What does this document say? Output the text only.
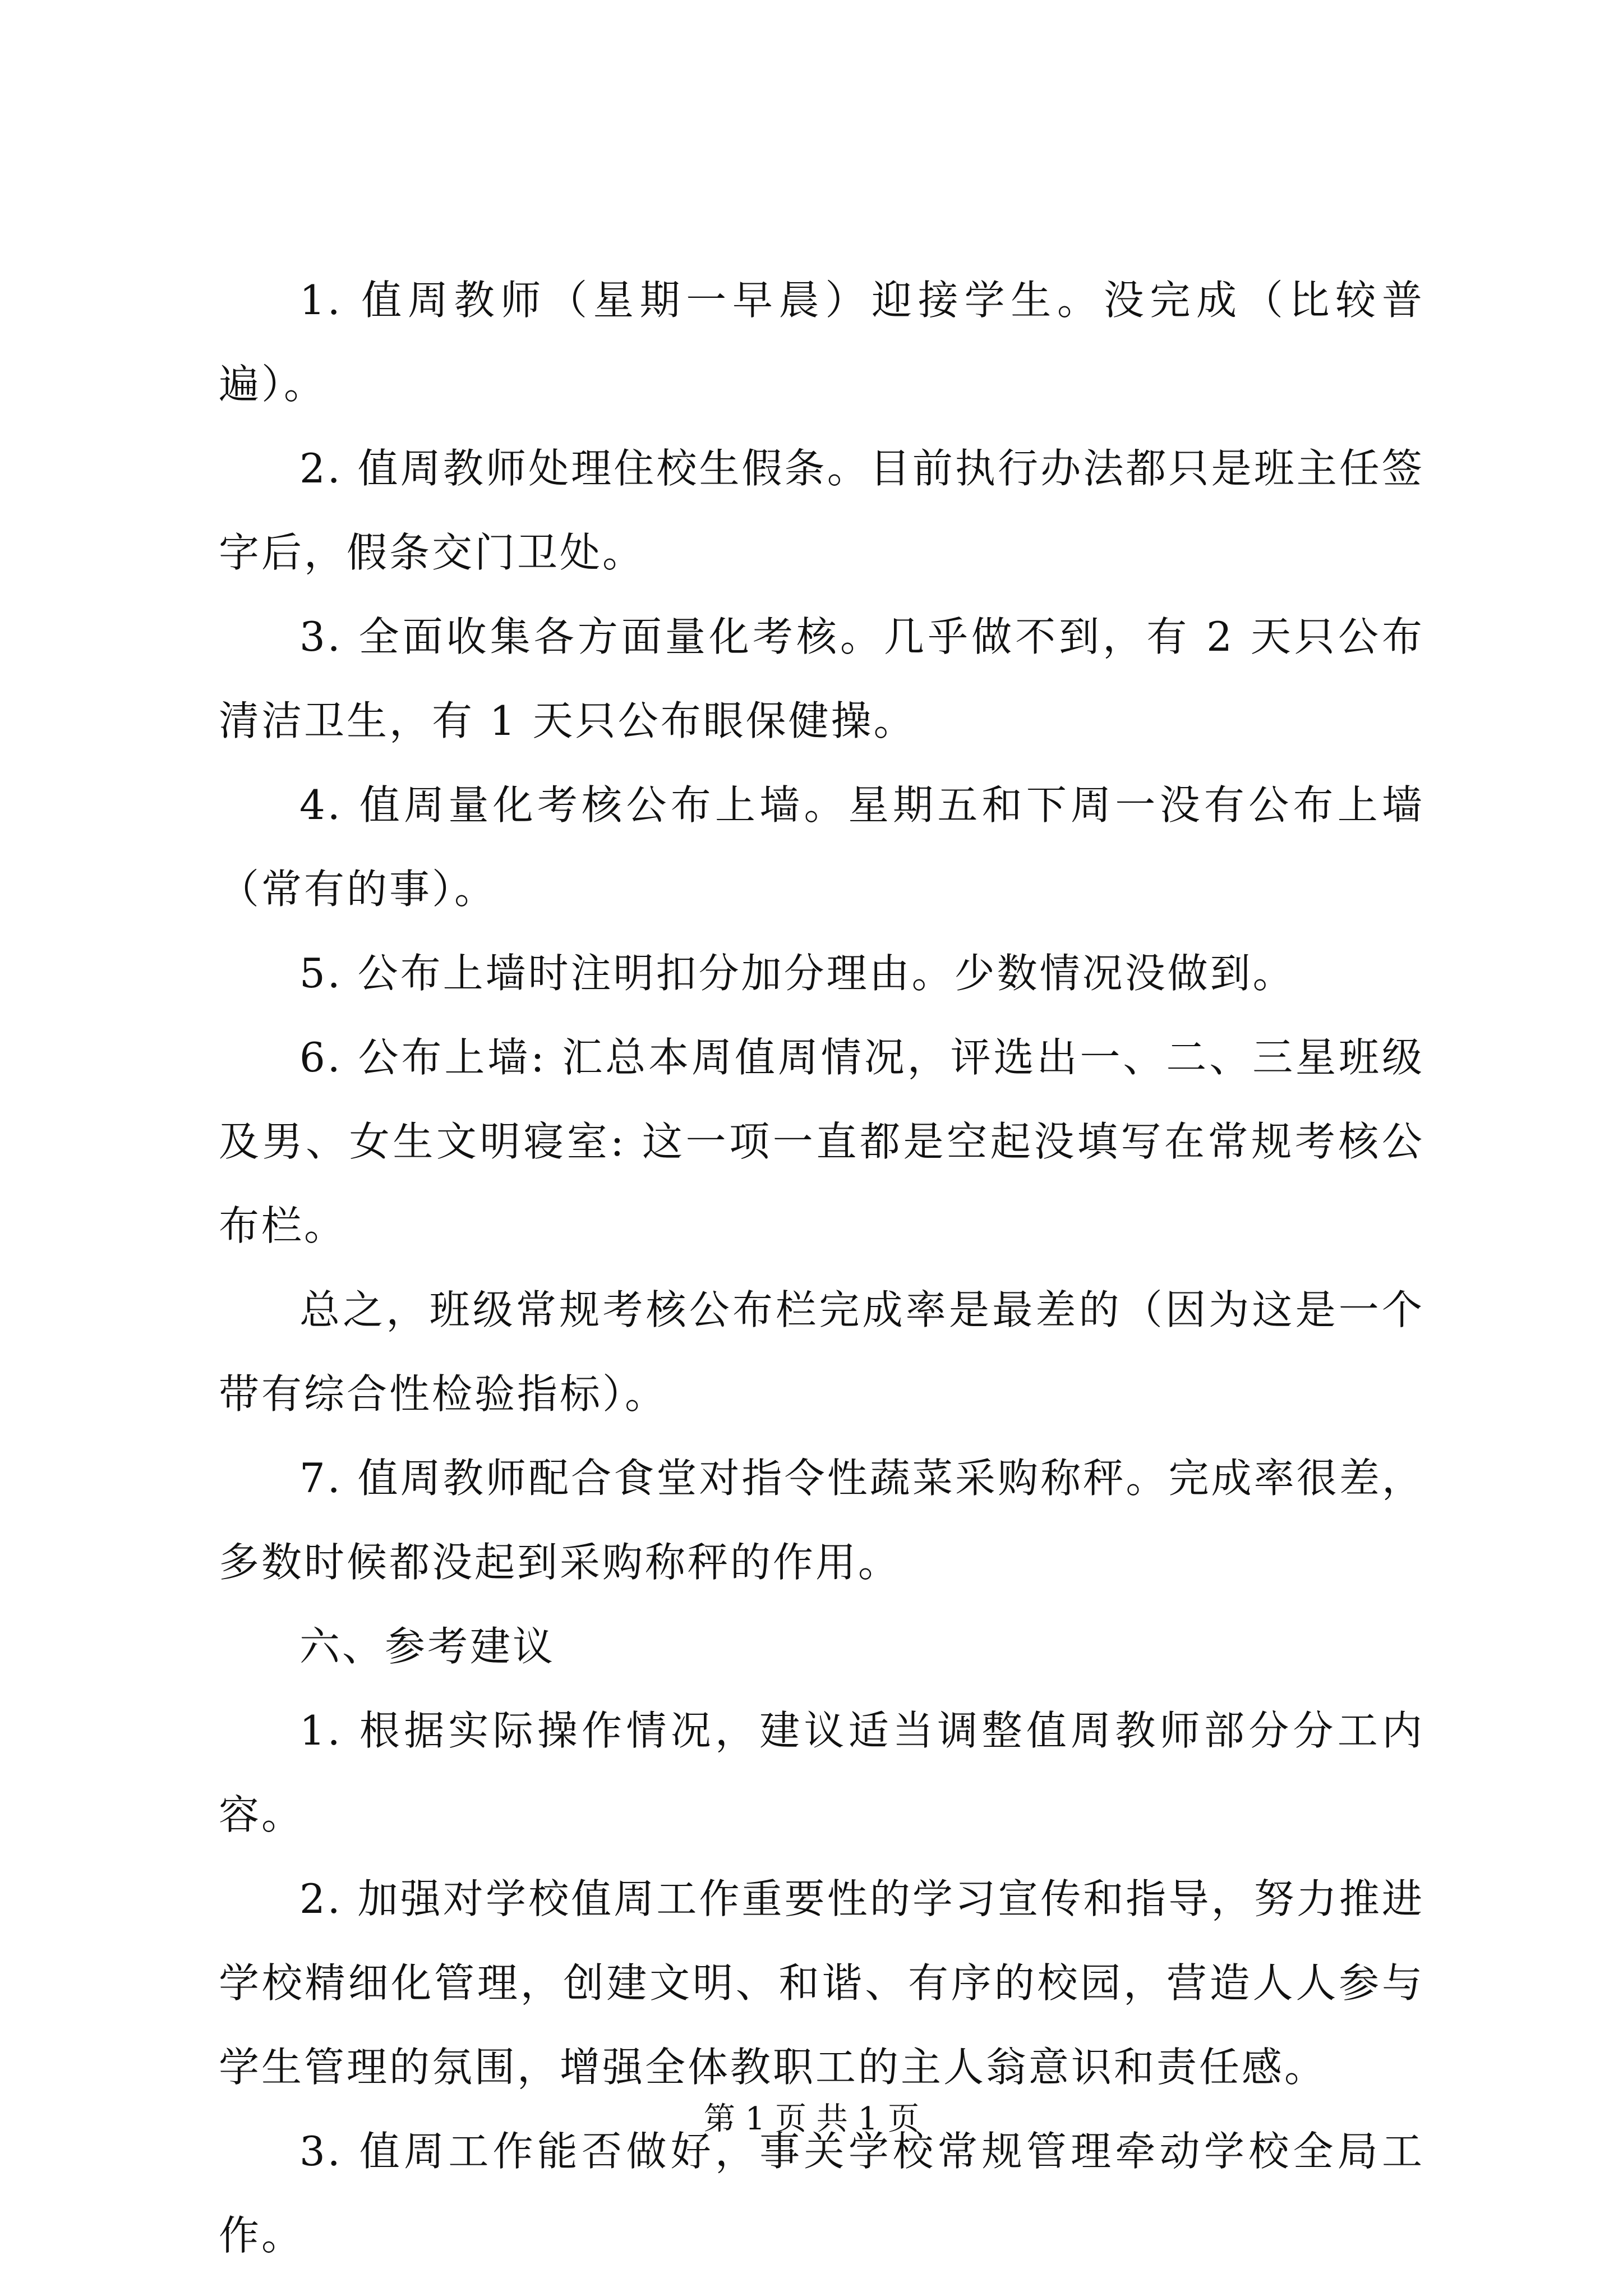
1. 值周教师（星期一早晨）迎接学生。没完成（比较普遍）。

2. 值周教师处理住校生假条。目前执行办法都只是班主任签字后，假条交门卫处。

3. 全面收集各方面量化考核。几乎做不到，有 2 天只公布清洁卫生，有 1 天只公布眼保健操。

4. 值周量化考核公布上墙。星期五和下周一没有公布上墙（常有的事）。

5. 公布上墙时注明扣分加分理由。少数情况没做到。

6. 公布上墙: 汇总本周值周情况，评选出一、二、三星班级及男、女生文明寝室: 这一项一直都是空起没填写在常规考核公布栏。

总之，班级常规考核公布栏完成率是最差的（因为这是一个带有综合性检验指标）。

7. 值周教师配合食堂对指令性蔬菜采购称秤。完成率很差，多数时候都没起到采购称秤的作用。

六、参考建议

1. 根据实际操作情况，建议适当调整值周教师部分分工内容。

2. 加强对学校值周工作重要性的学习宣传和指导，努力推进学校精细化管理，创建文明、和谐、有序的校园，营造人人参与学生管理的氛围，增强全体教职工的主人翁意识和责任感。

3. 值周工作能否做好，事关学校常规管理牵动学校全局工作。

第 1 页 共 1 页
